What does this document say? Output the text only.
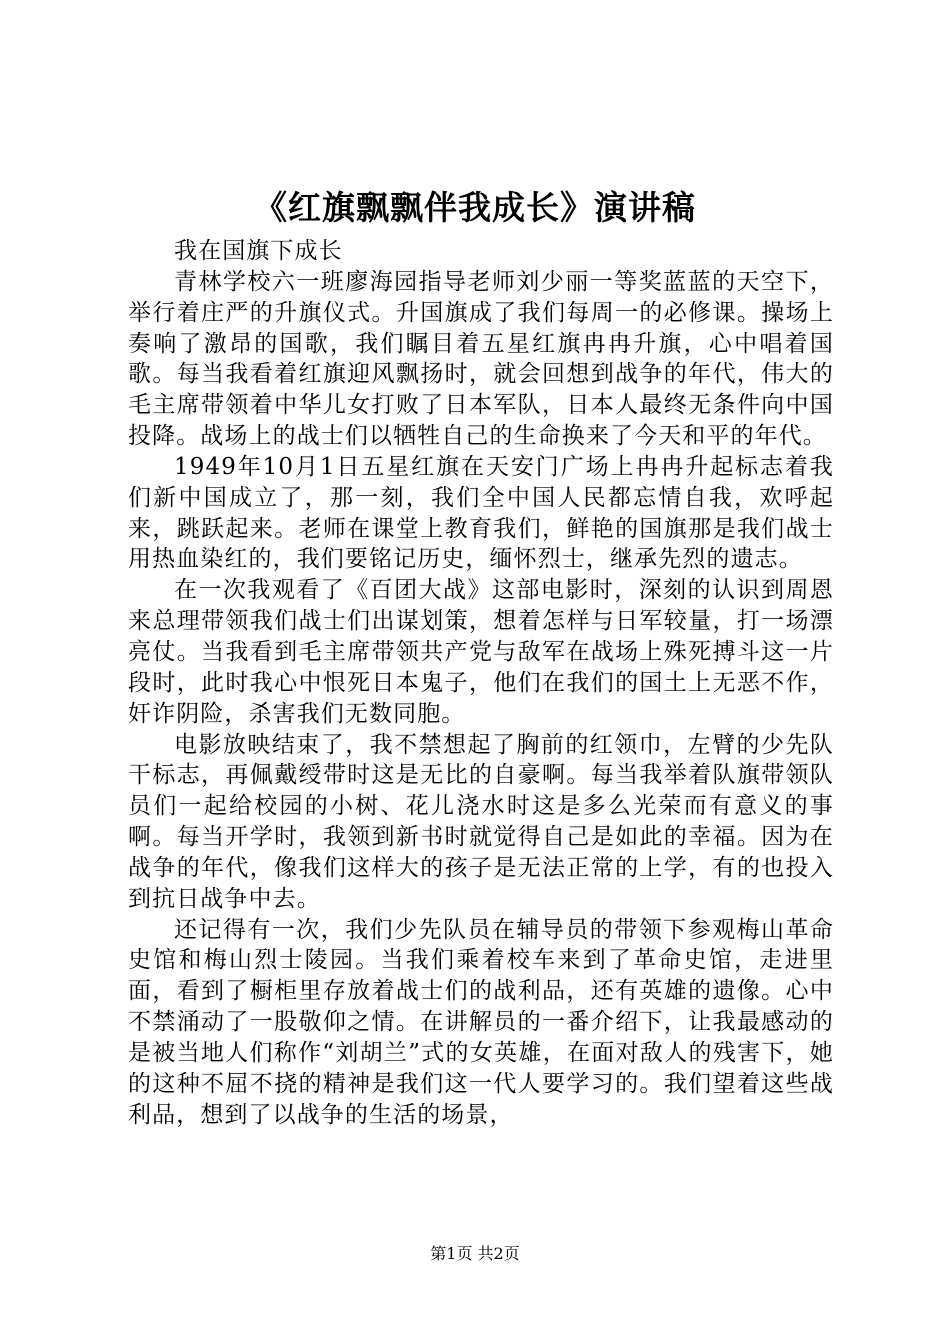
《红旗飘飘伴我成长》演讲稿

我在国旗下成长

青林学校六一班廖海园指导老师刘少丽一等奖蓝蓝的天空下，举行着庄严的升旗仪式。升国旗成了我们每周一的必修课。操场上奏响了激昂的国歌，我们瞩目着五星红旗冉冉升旗，心中唱着国歌。每当我看着红旗迎风飘扬时，就会回想到战争的年代，伟大的毛主席带领着中华儿女打败了日本军队，日本人最终无条件向中国投降。战场上的战士们以牺牲自己的生命换来了今天和平的年代。

1949年10月1日五星红旗在天安门广场上冉冉升起标志着我们新中国成立了，那一刻，我们全中国人民都忘情自我，欢呼起来，跳跃起来。老师在课堂上教育我们，鲜艳的国旗那是我们战士用热血染红的，我们要铭记历史，缅怀烈士，继承先烈的遗志。

在一次我观看了《百团大战》这部电影时，深刻的认识到周恩来总理带领我们战士们出谋划策，想着怎样与日军较量，打一场漂亮仗。当我看到毛主席带领共产党与敌军在战场上殊死搏斗这一片段时，此时我心中恨死日本鬼子，他们在我们的国土上无恶不作，奸诈阴险，杀害我们无数同胞。

电影放映结束了，我不禁想起了胸前的红领巾，左臂的少先队干标志，再佩戴绶带时这是无比的自豪啊。每当我举着队旗带领队员们一起给校园的小树、花儿浇水时这是多么光荣而有意义的事啊。每当开学时，我领到新书时就觉得自己是如此的幸福。因为在战争的年代，像我们这样大的孩子是无法正常的上学，有的也投入到抗日战争中去。

还记得有一次，我们少先队员在辅导员的带领下参观梅山革命史馆和梅山烈士陵园。当我们乘着校车来到了革命史馆，走进里面，看到了橱柜里存放着战士们的战利品，还有英雄的遗像。心中不禁涌动了一股敬仰之情。在讲解员的一番介绍下，让我最感动的是被当地人们称作“刘胡兰”式的女英雄，在面对敌人的残害下，她的这种不屈不挠的精神是我们这一代人要学习的。我们望着这些战利品，想到了以战争的生活的场景，

第1页 共2页
